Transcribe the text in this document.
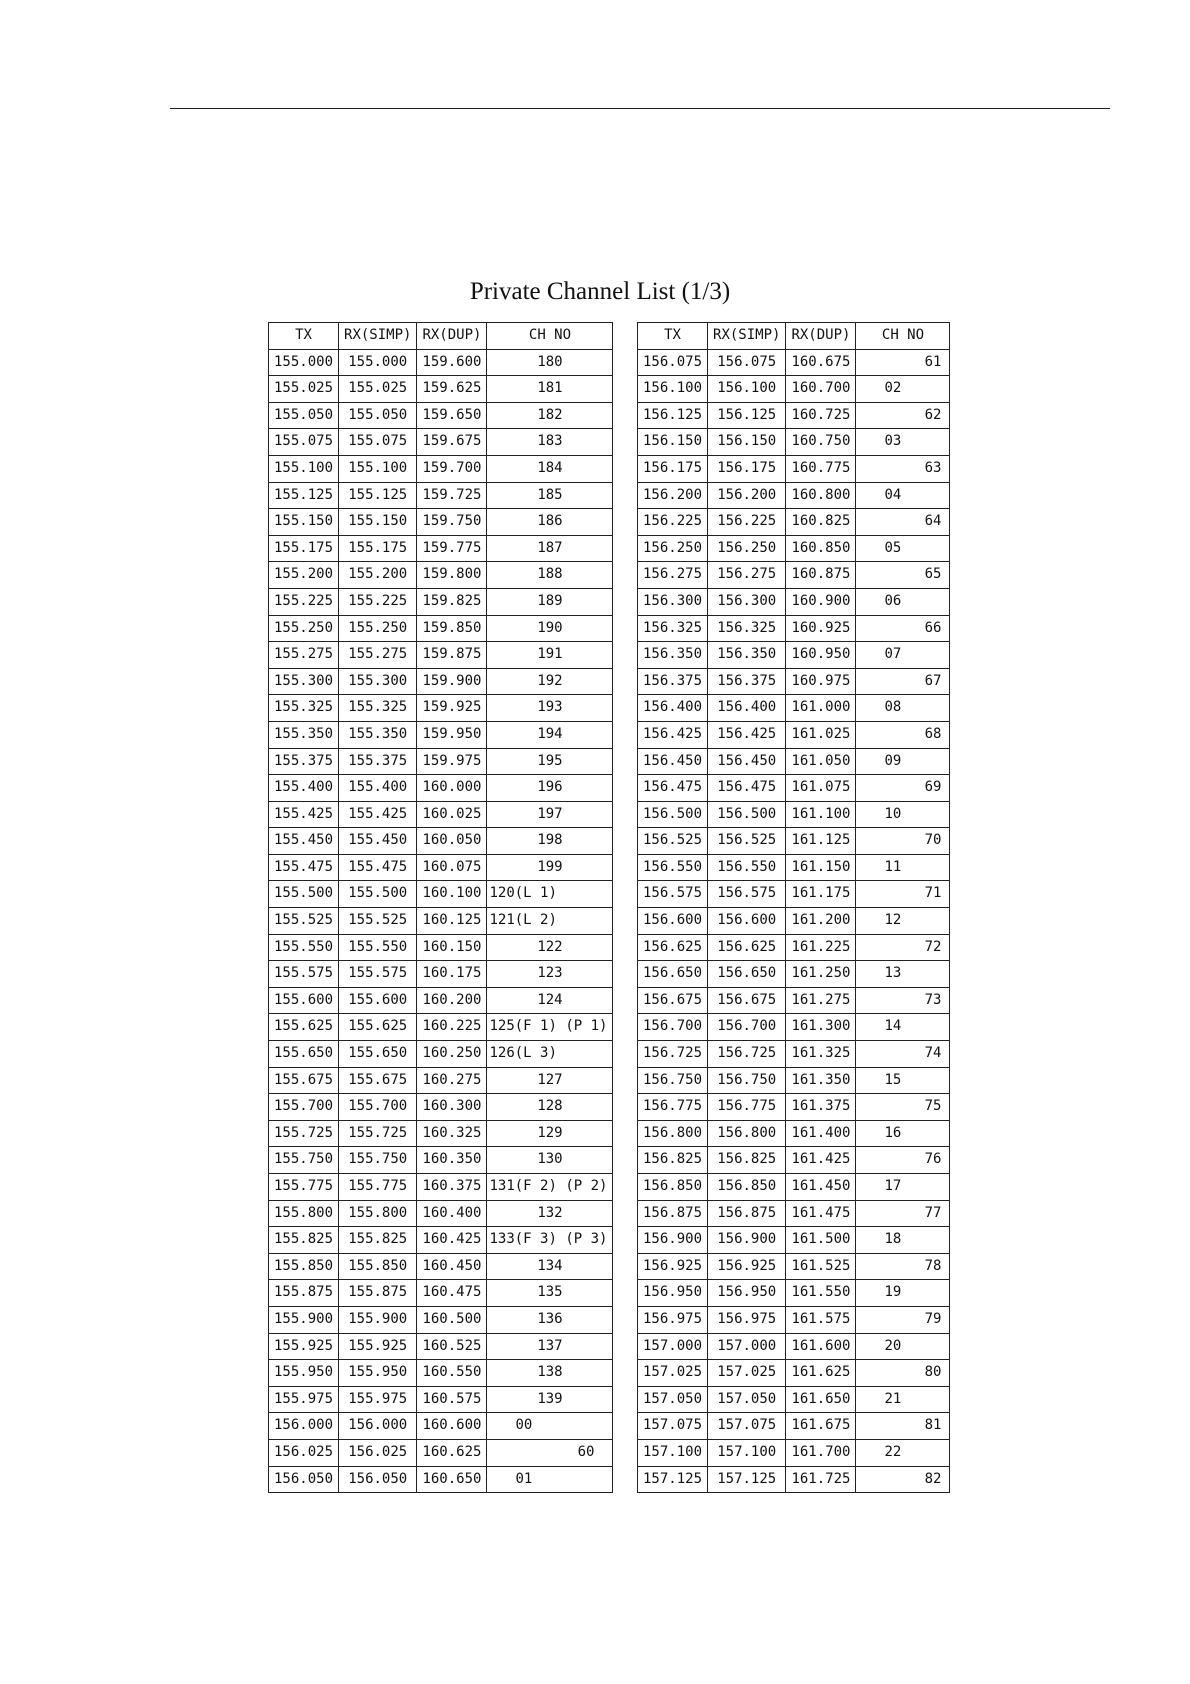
Private Channel List (1/3)
TX	RX(SIMP)	RX(DUP)	CH NO
155.000	155.000	159.600	180
155.025	155.025	159.625	181
155.050	155.050	159.650	182
155.075	155.075	159.675	183
155.100	155.100	159.700	184
155.125	155.125	159.725	185
155.150	155.150	159.750	186
155.175	155.175	159.775	187
155.200	155.200	159.800	188
155.225	155.225	159.825	189
155.250	155.250	159.850	190
155.275	155.275	159.875	191
155.300	155.300	159.900	192
155.325	155.325	159.925	193
155.350	155.350	159.950	194
155.375	155.375	159.975	195
155.400	155.400	160.000	196
155.425	155.425	160.025	197
155.450	155.450	160.050	198
155.475	155.475	160.075	199
155.500	155.500	160.100	120(L 1)
155.525	155.525	160.125	121(L 2)
155.550	155.550	160.150	122
155.575	155.575	160.175	123
155.600	155.600	160.200	124
155.625	155.625	160.225	125(F 1) (P 1)
155.650	155.650	160.250	126(L 3)
155.675	155.675	160.275	127
155.700	155.700	160.300	128
155.725	155.725	160.325	129
155.750	155.750	160.350	130
155.775	155.775	160.375	131(F 2) (P 2)
155.800	155.800	160.400	132
155.825	155.825	160.425	133(F 3) (P 3)
155.850	155.850	160.450	134
155.875	155.875	160.475	135
155.900	155.900	160.500	136
155.925	155.925	160.525	137
155.950	155.950	160.550	138
155.975	155.975	160.575	139
156.000	156.000	160.600	00
156.025	156.025	160.625	60
156.050	156.050	160.650	01
TX	RX(SIMP)	RX(DUP)	CH NO
156.075	156.075	160.675	61
156.100	156.100	160.700	02
156.125	156.125	160.725	62
156.150	156.150	160.750	03
156.175	156.175	160.775	63
156.200	156.200	160.800	04
156.225	156.225	160.825	64
156.250	156.250	160.850	05
156.275	156.275	160.875	65
156.300	156.300	160.900	06
156.325	156.325	160.925	66
156.350	156.350	160.950	07
156.375	156.375	160.975	67
156.400	156.400	161.000	08
156.425	156.425	161.025	68
156.450	156.450	161.050	09
156.475	156.475	161.075	69
156.500	156.500	161.100	10
156.525	156.525	161.125	70
156.550	156.550	161.150	11
156.575	156.575	161.175	71
156.600	156.600	161.200	12
156.625	156.625	161.225	72
156.650	156.650	161.250	13
156.675	156.675	161.275	73
156.700	156.700	161.300	14
156.725	156.725	161.325	74
156.750	156.750	161.350	15
156.775	156.775	161.375	75
156.800	156.800	161.400	16
156.825	156.825	161.425	76
156.850	156.850	161.450	17
156.875	156.875	161.475	77
156.900	156.900	161.500	18
156.925	156.925	161.525	78
156.950	156.950	161.550	19
156.975	156.975	161.575	79
157.000	157.000	161.600	20
157.025	157.025	161.625	80
157.050	157.050	161.650	21
157.075	157.075	161.675	81
157.100	157.100	161.700	22
157.125	157.125	161.725	82
